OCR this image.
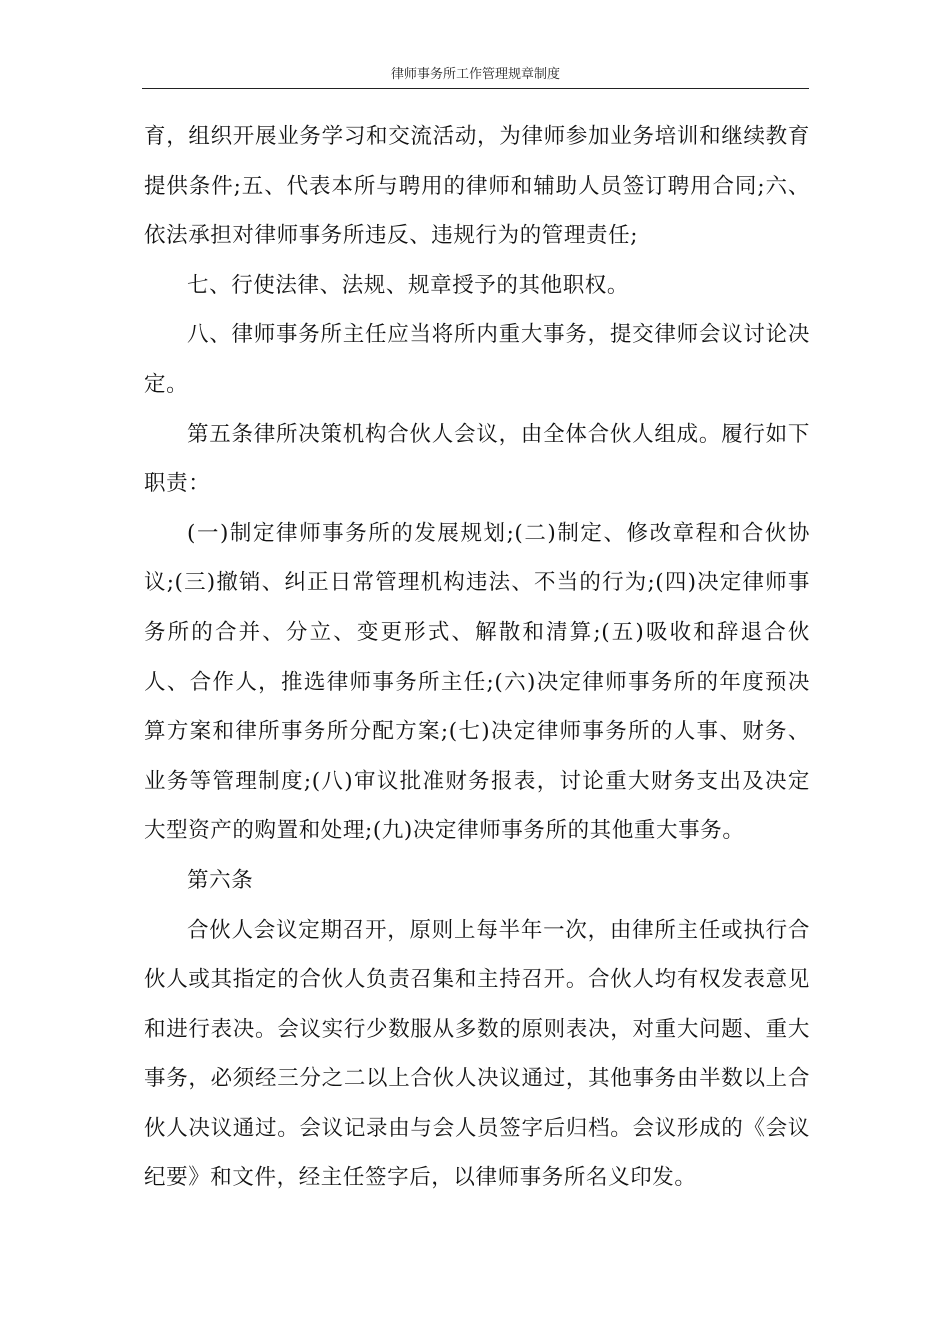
律师事务所工作管理规章制度

育，组织开展业务学习和交流活动，为律师参加业务培训和继续教育提供条件;五、代表本所与聘用的律师和辅助人员签订聘用合同;六、依法承担对律师事务所违反、违规行为的管理责任;

七、行使法律、法规、规章授予的其他职权。

八、律师事务所主任应当将所内重大事务，提交律师会议讨论决定。

第五条律所决策机构合伙人会议，由全体合伙人组成。履行如下职责：

(一)制定律师事务所的发展规划;(二)制定、修改章程和合伙协议;(三)撤销、纠正日常管理机构违法、不当的行为;(四)决定律师事务所的合并、分立、变更形式、解散和清算;(五)吸收和辞退合伙人、合作人，推选律师事务所主任;(六)决定律师事务所的年度预决算方案和律所事务所分配方案;(七)决定律师事务所的人事、财务、业务等管理制度;(八)审议批准财务报表，讨论重大财务支出及决定大型资产的购置和处理;(九)决定律师事务所的其他重大事务。

第六条

合伙人会议定期召开，原则上每半年一次，由律所主任或执行合伙人或其指定的合伙人负责召集和主持召开。合伙人均有权发表意见和进行表决。会议实行少数服从多数的原则表决，对重大问题、重大事务，必须经三分之二以上合伙人决议通过，其他事务由半数以上合伙人决议通过。会议记录由与会人员签字后归档。会议形成的《会议纪要》和文件，经主任签字后，以律师事务所名义印发。
